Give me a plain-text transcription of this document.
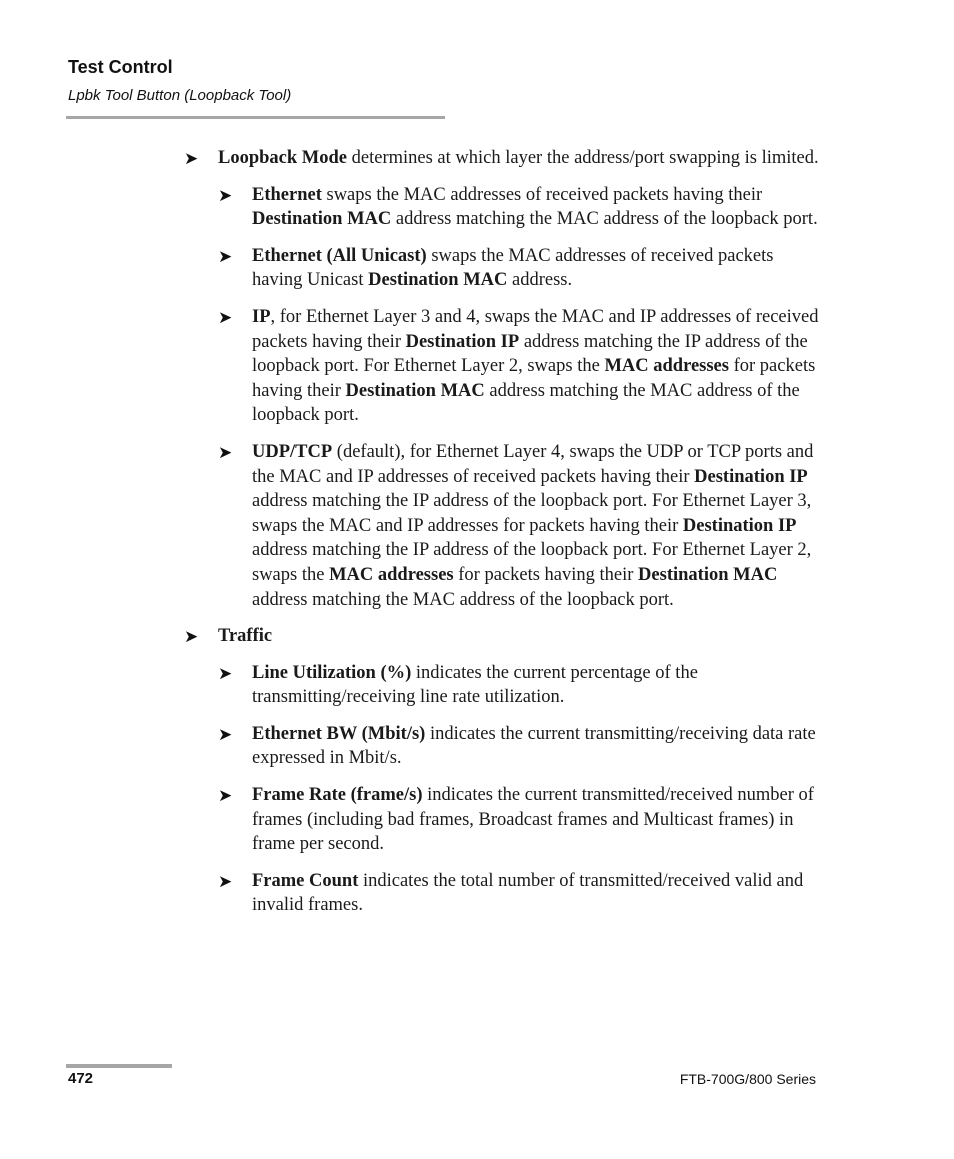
Test Control
Lpbk Tool Button (Loopback Tool)
➤ Loopback Mode determines at which layer the address/port swapping is limited.
➤ Ethernet swaps the MAC addresses of received packets having their Destination MAC address matching the MAC address of the loopback port.
➤ Ethernet (All Unicast) swaps the MAC addresses of received packets having Unicast Destination MAC address.
➤ IP, for Ethernet Layer 3 and 4, swaps the MAC and IP addresses of received packets having their Destination IP address matching the IP address of the loopback port. For Ethernet Layer 2, swaps the MAC addresses for packets having their Destination MAC address matching the MAC address of the loopback port.
➤ UDP/TCP (default), for Ethernet Layer 4, swaps the UDP or TCP ports and the MAC and IP addresses of received packets having their Destination IP address matching the IP address of the loopback port. For Ethernet Layer 3, swaps the MAC and IP addresses for packets having their Destination IP address matching the IP address of the loopback port. For Ethernet Layer 2, swaps the MAC addresses for packets having their Destination MAC address matching the MAC address of the loopback port.
➤ Traffic
➤ Line Utilization (%) indicates the current percentage of the transmitting/receiving line rate utilization.
➤ Ethernet BW (Mbit/s) indicates the current transmitting/receiving data rate expressed in Mbit/s.
➤ Frame Rate (frame/s) indicates the current transmitted/received number of frames (including bad frames, Broadcast frames and Multicast frames) in frame per second.
➤ Frame Count indicates the total number of transmitted/received valid and invalid frames.
472	FTB-700G/800 Series
